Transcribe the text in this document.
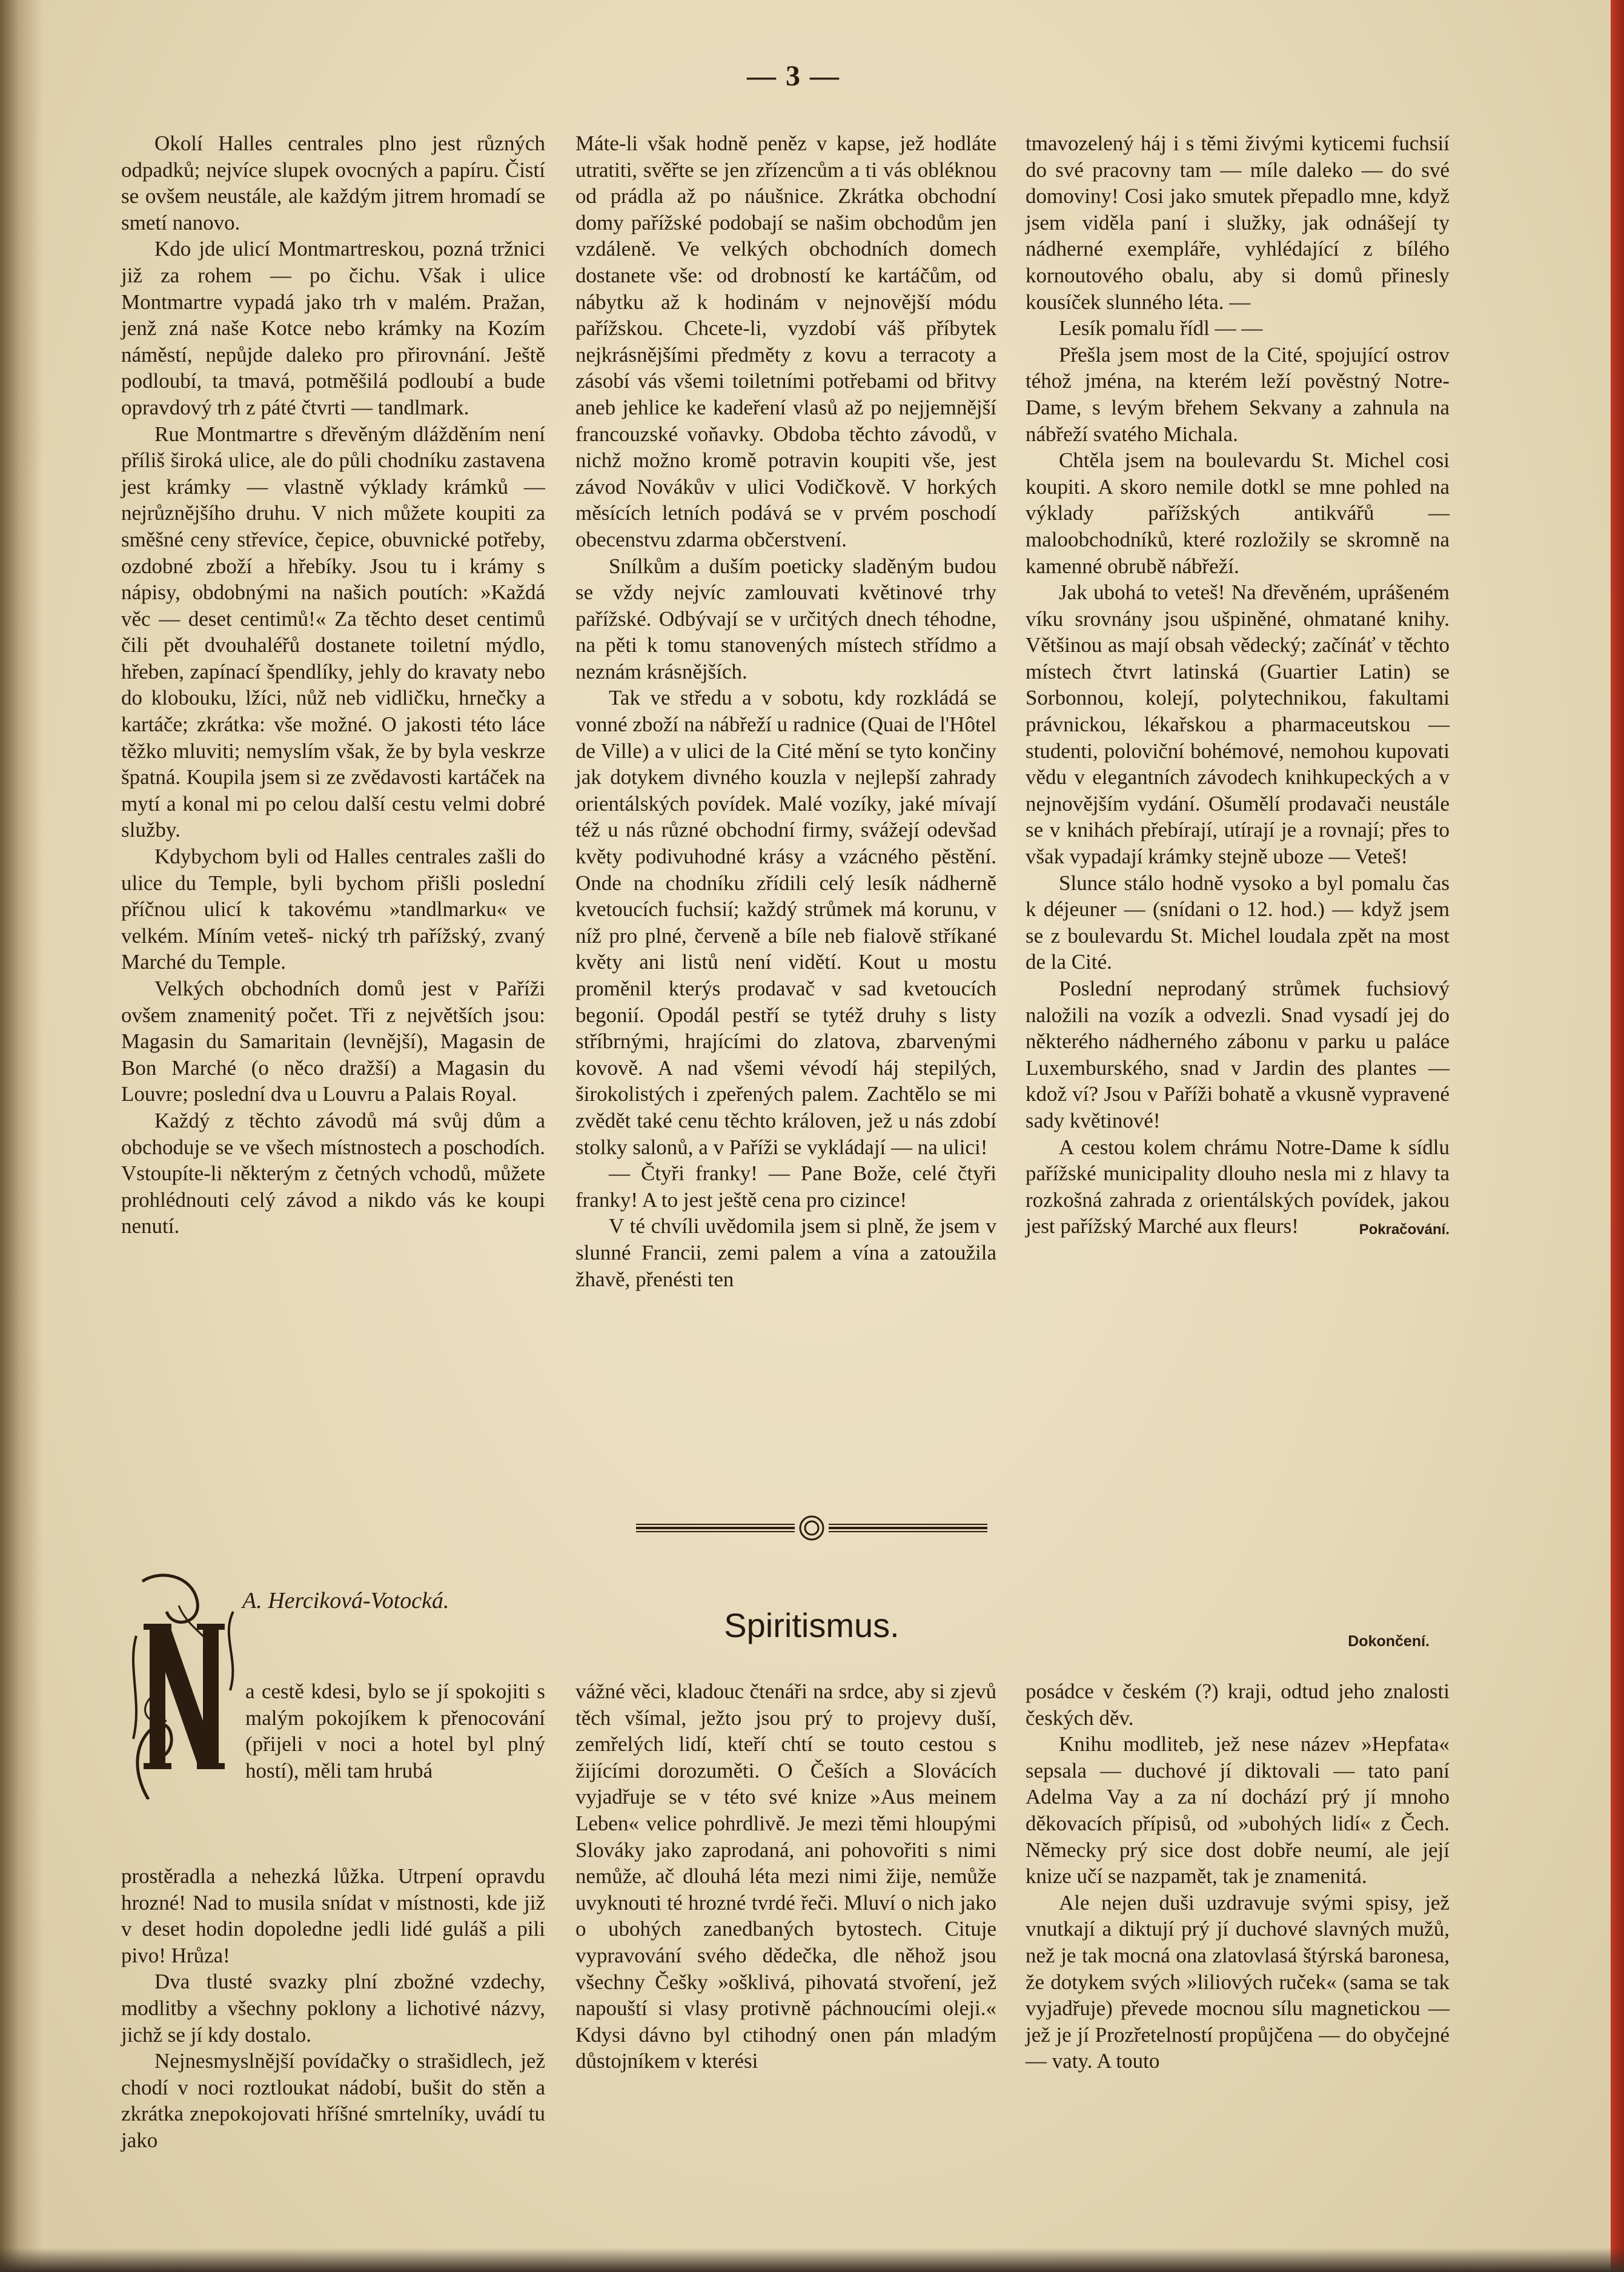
— 3 —

Okolí Halles centrales plno jest různých odpadků; nejvíce slupek ovocných a papíru. Čistí se ovšem neustále, ale každým jitrem hromadí se smetí nanovo.

Kdo jde ulicí Montmartreskou, pozná tržnici již za rohem — po čichu. Však i ulice Montmartre vypadá jako trh v malém. Pražan, jenž zná naše Kotce nebo krámky na Kozím náměstí, nepůjde daleko pro přirovnání. Ještě podloubí, ta tmavá, potměšilá podloubí a bude opravdový trh z páté čtvrti — tandlmark.

Rue Montmartre s dřevěným dlážděním není příliš široká ulice, ale do půli chodníku zastavena jest krámky — vlastně výklady krámků — nejrůznějšího druhu. V nich můžete koupiti za směšné ceny střevíce, čepice, obuvnické potřeby, ozdobné zboží a hřebíky. Jsou tu i krámy s nápisy, obdobnými na našich poutích: »Každá věc — deset centimů!« Za těchto deset centimů čili pět dvouhaléřů dostanete toiletní mýdlo, hřeben, zapínací špendlíky, jehly do kravaty nebo do klobouku, lžíci, nůž neb vidličku, hrnečky a kartáče; zkrátka: vše možné. O jakosti této láce těžko mluviti; nemyslím však, že by byla veskrze špatná. Koupila jsem si ze zvědavosti kartáček na mytí a konal mi po celou další cestu velmi dobré služby.

Kdybychom byli od Halles centrales zašli do ulice du Temple, byli bychom přišli poslední příčnou ulicí k takovému »tandlmarku« ve velkém. Míním veteš- nický trh pařížský, zvaný Marché du Temple.

Velkých obchodních domů jest v Paříži ovšem znamenitý počet. Tři z největších jsou: Magasin du Samaritain (levnější), Magasin de Bon Marché (o něco dražší) a Magasin du Louvre; poslední dva u Louvru a Palais Royal.

Každý z těchto závodů má svůj dům a obchoduje se ve všech místnostech a poschodích. Vstoupíte-li některým z četných vchodů, můžete prohlédnouti celý závod a nikdo vás ke koupi nenutí.

Máte-li však hodně peněz v kapse, jež hodláte utratiti, svěřte se jen zřízencům a ti vás obléknou od prádla až po náušnice. Zkrátka obchodní domy pařížské podobají se našim obchodům jen vzdáleně. Ve velkých obchodních domech dostanete vše: od drobností ke kartáčům, od nábytku až k hodinám v nejnovější módu pařížskou. Chcete-li, vyzdobí váš příbytek nejkrásnějšími předměty z kovu a terracoty a zásobí vás všemi toiletními potřebami od břitvy aneb jehlice ke kadeření vlasů až po nejjemnější francouzské voňavky. Obdoba těchto závodů, v nichž možno kromě potravin koupiti vše, jest závod Novákův v ulici Vodičkově. V horkých měsících letních podává se v prvém poschodí obecenstvu zdarma občerstvení.

Snílkům a duším poeticky sladěným budou se vždy nejvíc zamlouvati květinové trhy pařížské. Odbývají se v určitých dnech téhodne, na pěti k tomu stanovených místech střídmo a neznám krásnějších.

Tak ve středu a v sobotu, kdy rozkládá se vonné zboží na nábřeží u radnice (Quai de l'Hôtel de Ville) a v ulici de la Cité mění se tyto končiny jak dotykem divného kouzla v nejlepší zahrady orientálských povídek. Malé vozíky, jaké mívají též u nás různé obchodní firmy, svážejí odevšad květy podivuhodné krásy a vzácného pěstění. Onde na chodníku zřídili celý lesík nádherně kvetoucích fuchsií; každý strůmek má korunu, v níž pro plné, červeně a bíle neb fialově stříkané květy ani listů není vidětí. Kout u mostu proměnil kterýs prodavač v sad kvetoucích begonií. Opodál pestří se tytéž druhy s listy stříbrnými, hrajícími do zlatova, zbarvenými kovově. A nad všemi vévodí háj stepilých, širokolistých i zpeřených palem. Zachtělo se mi zvědět také cenu těchto královen, jež u nás zdobí stolky salonů, a v Paříži se vykládají — na ulici!

— Čtyři franky! — Pane Bože, celé čtyři franky! A to jest ještě cena pro cizince!

V té chvíli uvědomila jsem si plně, že jsem v slunné Francii, zemi palem a vína a zatoužila žhavě, přenésti ten

tmavozelený háj i s těmi živými kyticemi fuchsií do své pracovny tam — míle daleko — do své domoviny! Cosi jako smutek přepadlo mne, když jsem viděla paní i služky, jak odnášejí ty nádherné exempláře, vyhlédající z bílého kornoutového obalu, aby si domů přinesly kousíček slunného léta. —

Lesík pomalu řídl — —

Přešla jsem most de la Cité, spojující ostrov téhož jména, na kterém leží pověstný Notre-Dame, s levým břehem Sekvany a zahnula na nábřeží svatého Michala.

Chtěla jsem na boulevardu St. Michel cosi koupiti. A skoro nemile dotkl se mne pohled na výklady pařížských antikvářů — maloobchodníků, které rozložily se skromně na kamenné obrubě nábřeží.

Jak ubohá to veteš! Na dřevěném, uprášeném víku srovnány jsou ušpiněné, ohmatané knihy. Většinou as mají obsah vědecký; začínáť v těchto místech čtvrt latinská (Guartier Latin) se Sorbonnou, kolejí, polytechnikou, fakultami právnickou, lékařskou a pharmaceutskou — studenti, poloviční bohémové, nemohou kupovati vědu v elegantních závodech knihkupeckých a v nejnovějším vydání. Ošumělí prodavači neustále se v knihách přebírají, utírají je a rovnají; přes to však vypadají krámky stejně uboze — Veteš!

Slunce stálo hodně vysoko a byl pomalu čas k déjeuner — (snídani o 12. hod.) — když jsem se z boulevardu St. Michel loudala zpět na most de la Cité.

Poslední neprodaný strůmek fuchsiový naložili na vozík a odvezli. Snad vysadí jej do některého nádherného zábonu v parku u paláce Luxemburského, snad v Jardin des plantes — kdož ví? Jsou v Paříži bohatě a vkusně vypravené sady květinové!

A cestou kolem chrámu Notre-Dame k sídlu pařížské municipality dlouho nesla mi z hlavy ta rozkošná zahrada z orientálských povídek, jakou jest pařížský Marché aux fleurs!	Pokračování.
A. Herciková-Votocká.
Spiritismus.	Dokončení.

a cestě kdesi, bylo se jí spokojiti s malým pokojíkem k přenocování (přijeli v noci a hotel byl plný hostí), měli tam hrubá

prostěradla a nehezká lůžka. Utrpení opravdu hrozné! Nad to musila snídat v místnosti, kde již v deset hodin dopoledne jedli lidé guláš a pili pivo! Hrůza!

Dva tlusté svazky plní zbožné vzdechy, modlitby a všechny poklony a lichotivé názvy, jichž se jí kdy dostalo.

Nejnesmyslnější povídačky o strašidlech, jež chodí v noci roztloukat nádobí, bušit do stěn a zkrátka znepokojovati hříšné smrtelníky, uvádí tu jako

vážné věci, kladouc čtenáři na srdce, aby si zjevů těch všímal, ježto jsou prý to projevy duší, zemřelých lidí, kteří chtí se touto cestou s žijícími dorozuměti. O Češích a Slovácích vyjadřuje se v této své knize »Aus meinem Leben« velice pohrdlivě. Je mezi těmi hloupými Slováky jako zaprodaná, ani pohovořiti s nimi nemůže, ač dlouhá léta mezi nimi žije, nemůže uvyknouti té hrozné tvrdé řeči. Mluví o nich jako o ubohých zanedbaných bytostech. Cituje vypravování svého dědečka, dle něhož jsou všechny Češky »ošklivá, pihovatá stvoření, jež napouští si vlasy protivně páchnoucími oleji.« Kdysi dávno byl ctihodný onen pán mladým důstojníkem v kterési

posádce v českém (?) kraji, odtud jeho znalosti českých děv.

Knihu modliteb, jež nese název »Hepfata« sepsala — duchové jí diktovali — tato paní Adelma Vay a za ní dochází prý jí mnoho děkovacích přípisů, od »ubohých lidí« z Čech. Německy prý sice dost dobře neumí, ale její knize učí se nazpamět, tak je znamenitá.

Ale nejen duši uzdravuje svými spisy, jež vnutkají a diktují prý jí duchové slavných mužů, než je tak mocná ona zlatovlasá štýrská baronesa, že dotykem svých »liliových ruček« (sama se tak vyjadřuje) převede mocnou sílu magnetickou — jež je jí Prozřetelností propůjčena — do obyčejné — vaty. A touto
